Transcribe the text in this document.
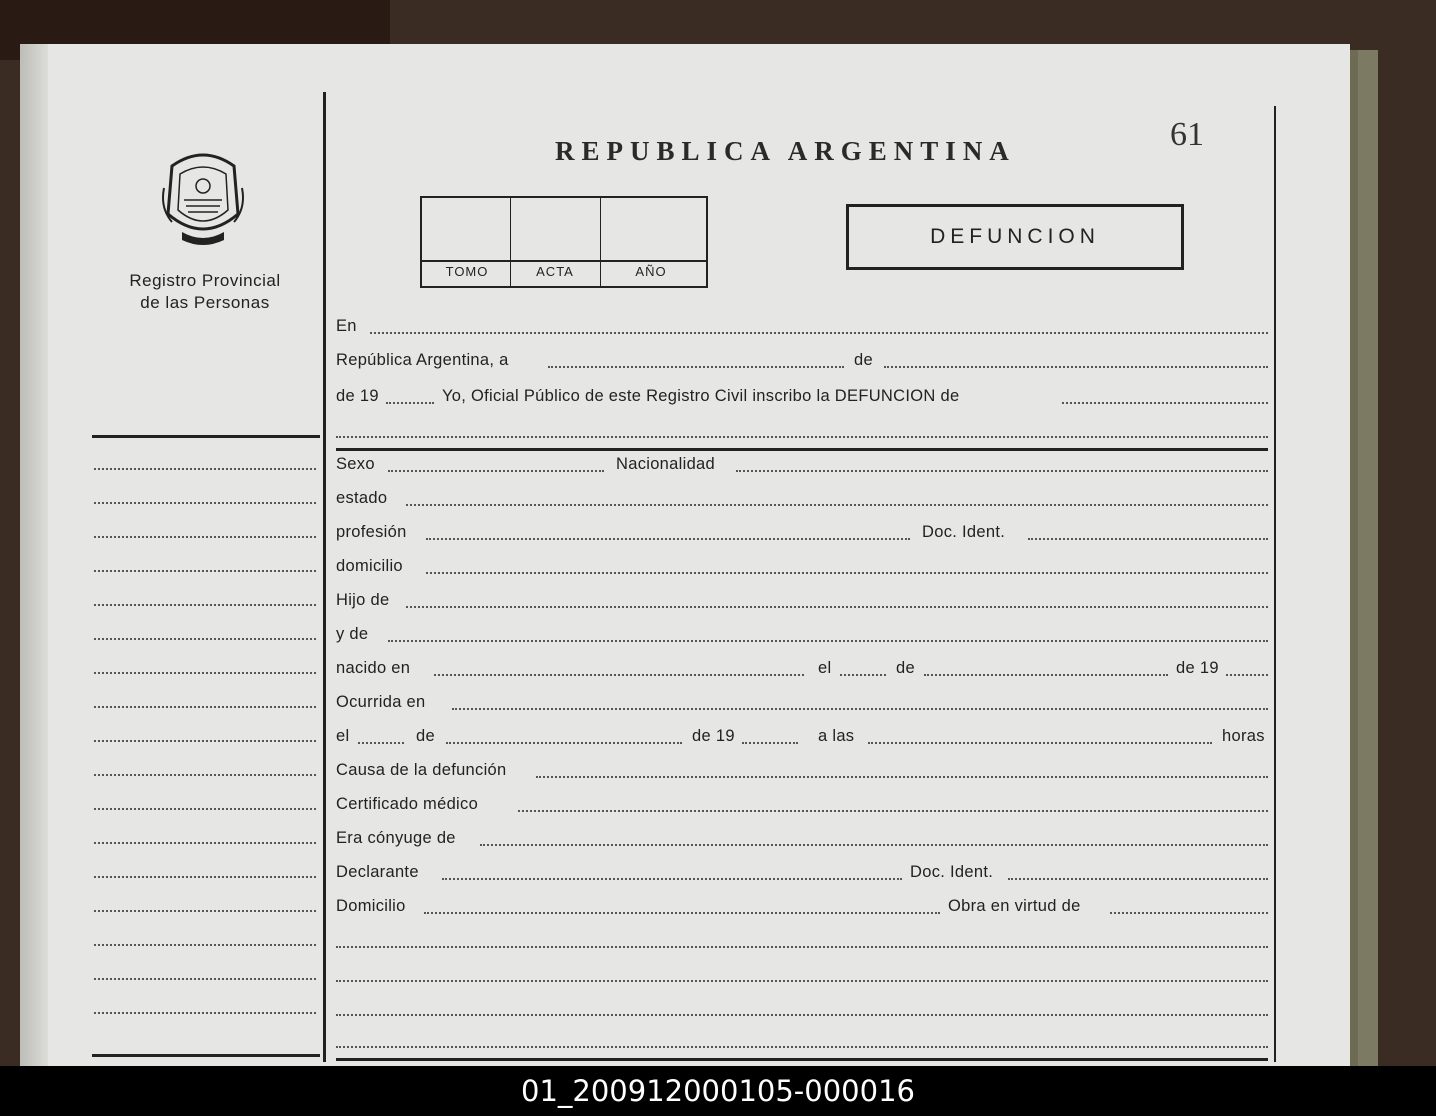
Registro Provincial
de las Personas
REPUBLICA ARGENTINA	61
TOMO	ACTA	AÑO
DEFUNCION
En
República Argentina, a	de
de 19	Yo, Oficial Público de este Registro Civil inscribo la DEFUNCION de
Sexo	Nacionalidad
estado
profesión	Doc. Ident.
domicilio
Hijo de
y de
nacido en	el	de	de 19
Ocurrida en
el	de	de 19	a las	horas
Causa de la defunción
Certificado médico
Era cónyuge de
Declarante	Doc. Ident.
Domicilio	Obra en virtud de
01_200912000105-000016
